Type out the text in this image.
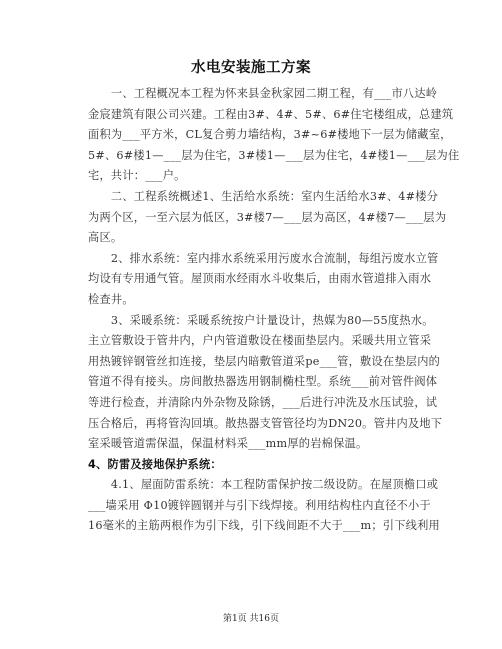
水电安装施工方案
　　一、工程概况本工程为怀来县金秋家园二期工程，有___市八达岭
金宸建筑有限公司兴建。工程由3#、4#、5#、6#住宅楼组成，总建筑
面积为___平方米，CL复合剪力墙结构，3#~6#楼地下一层为储藏室，
5#、6#楼1—___层为住宅，3#楼1—___层为住宅，4#楼1—___层为住
宅，共计：___户。
　　二、工程系统概述1、生活给水系统：室内生活给水3#、4#楼分
为两个区，一至六层为低区，3#楼7—___层为高区，4#楼7—___层为
高区。
　　2、排水系统：室内排水系统采用污废水合流制，每组污废水立管
均设有专用通气管。屋顶雨水经雨水斗收集后，由雨水管道排入雨水
检查井。
　　3、采暖系统：采暖系统按户计量设计，热媒为80—55度热水。
主立管敷设于管井内，户内管道敷设在楼面垫层内。采暖共用立管采
用热镀锌钢管丝扣连接，垫层内暗敷管道采pe___管，敷设在垫层内的
管道不得有接头。房间散热器选用钢制椭柱型。系统___前对管件阀体
等进行检查，并清除内外杂物及除锈，___后进行冲洗及水压试验，试
压合格后，再将管沟回填。散热器支管管径均为DN20。管井内及地下
室采暖管道需保温，保温材料采___mm厚的岩棉保温。
4、防雷及接地保护系统：
　　4.1、屋面防雷系统：本工程防雷保护按二级设防。在屋顶檐口或
___墙采用 Φ10镀锌圆钢并与引下线焊接。利用结构柱内直径不小于
16毫米的主筋两根作为引下线，引下线间距不大于___m；引下线利用
第1页 共16页
